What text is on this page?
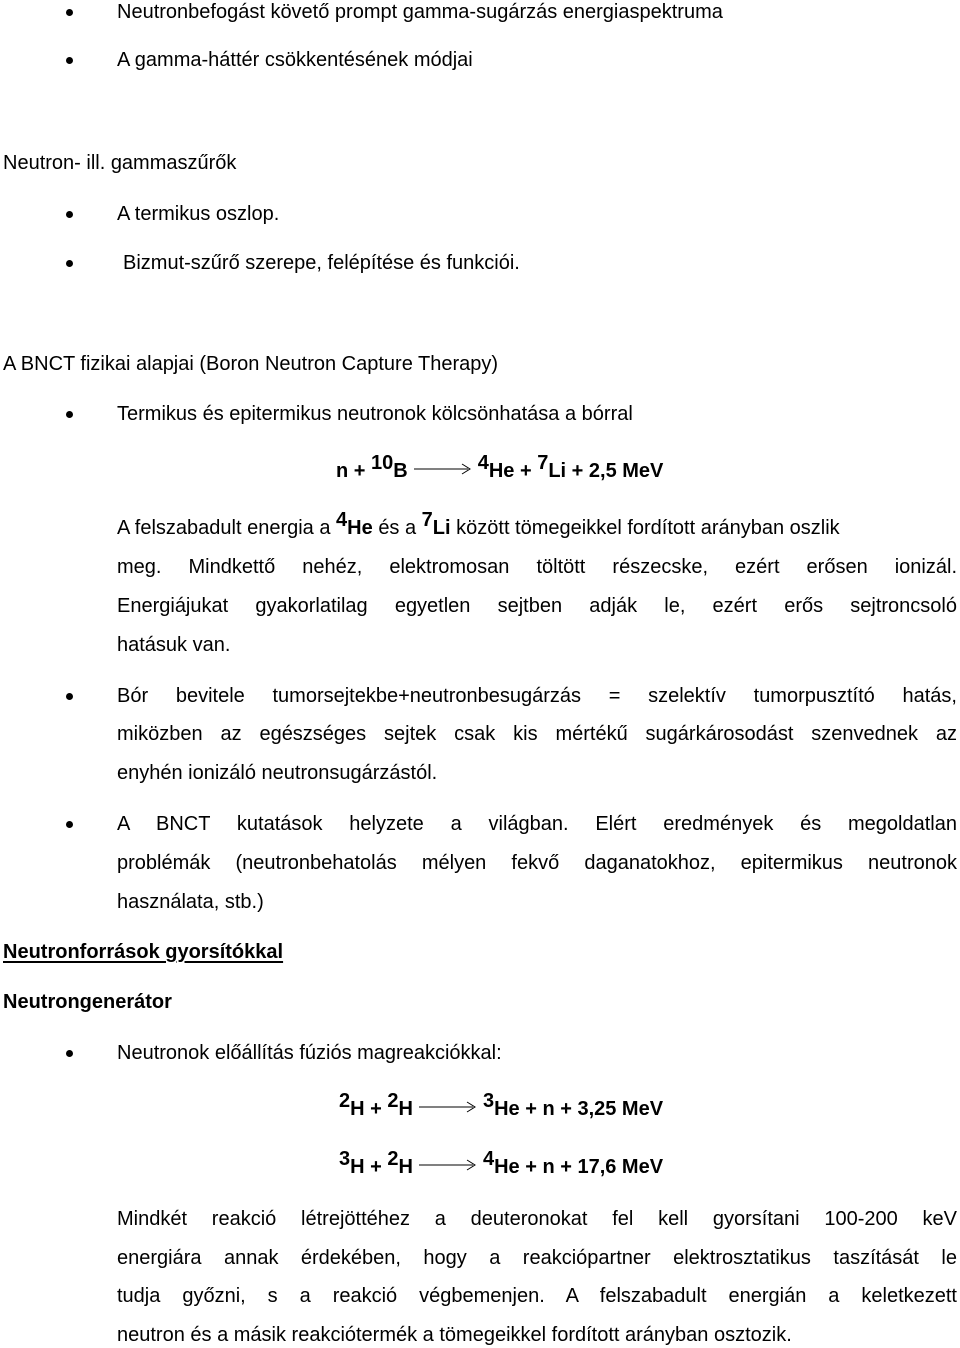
Neutronbefogást követő prompt gamma-sugárzás energiaspektruma
A gamma-háttér csökkentésének módjai
Neutron- ill. gammaszűrők
A termikus oszlop.
Bizmut-szűrő szerepe, felépítése és funkciói.
A BNCT fizikai alapjai (Boron Neutron Capture Therapy)
Termikus és epitermikus neutronok kölcsönhatása a bórral
n + 10B	4He + 7Li + 2,5 MeV
A felszabadult energia a 4He és a 7Li között tömegeikkel fordított arányban oszlik
meg. Mindkettő nehéz, elektromosan töltött részecske, ezért erősen ionizál.
Energiájukat gyakorlatilag egyetlen sejtben adják le, ezért erős sejtroncsoló
hatásuk van.
Bór bevitele tumorsejtekbe+neutronbesugárzás = szelektív tumorpusztító hatás,
miközben az egészséges sejtek csak kis mértékű sugárkárosodást szenvednek az
enyhén ionizáló neutronsugárzástól.
A BNCT kutatások helyzete a világban. Elért eredmények és megoldatlan
problémák (neutronbehatolás mélyen fekvő daganatokhoz, epitermikus neutronok
használata, stb.)
Neutronforrások gyorsítókkal
Neutrongenerátor
Neutronok előállítás fúziós magreakciókkal:
2H + 2H	3He + n + 3,25 MeV
3H + 2H	4He + n + 17,6 MeV
Mindkét reakció létrejöttéhez a deuteronokat fel kell gyorsítani 100-200 keV
energiára annak érdekében, hogy a reakciópartner elektrosztatikus taszítását le
tudja győzni, s a reakció végbemenjen. A felszabadult energián a keletkezett
neutron és a másik reakciótermék a tömegeikkel fordított arányban osztozik.
